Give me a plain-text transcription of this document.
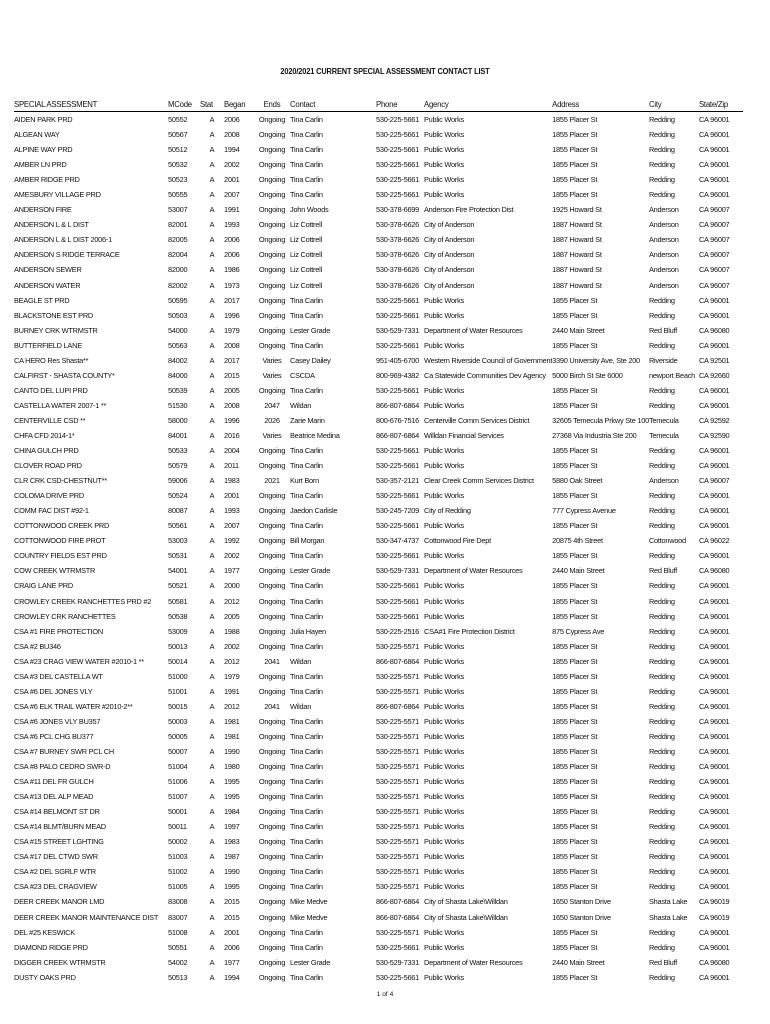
2020/2021 CURRENT SPECIAL ASSESSMENT CONTACT LIST
SPECIAL ASSESSMENT	MCode	Stat	Began	Ends	Contact	Phone	Agency	Address	City	State/Zip
AIDEN PARK PRD	50552	A	2006	Ongoing	Tina Carlin	530-225-5661	Public Works	1855 Placer St	Redding	CA 96001
ALGEAN WAY	50567	A	2008	Ongoing	Tina Carlin	530-225-5661	Public Works	1855 Placer St	Redding	CA 96001
ALPINE WAY PRD	50512	A	1994	Ongoing	Tina Carlin	530-225-5661	Public Works	1855 Placer St	Redding	CA 96001
AMBER LN PRD	50532	A	2002	Ongoing	Tina Carlin	530-225-5661	Public Works	1855 Placer St	Redding	CA 96001
AMBER RIDGE PRD	50523	A	2001	Ongoing	Tina Carlin	530-225-5661	Public Works	1855 Placer St	Redding	CA 96001
AMESBURY VILLAGE PRD	50555	A	2007	Ongoing	Tina Carlin	530-225-5661	Public Works	1855 Placer St	Redding	CA 96001
ANDERSON FIRE	53007	A	1991	Ongoing	John Woods	530-378-6699	Anderson Fire Protection Dist	1925 Howard St	Anderson	CA 96007
ANDERSON L & L DIST	82001	A	1993	Ongoing	Liz Cottrell	530-378-6626	City of Anderson	1887 Howard St	Anderson	CA 96007
ANDERSON L & L DIST 2006-1	82005	A	2006	Ongoing	Liz Cottrell	530-378-6626	City of Anderson	1887 Howard St	Anderson	CA 96007
ANDERSON S RIDGE TERRACE	82004	A	2006	Ongoing	Liz Cottrell	530-378-6626	City of Anderson	1887 Howard St	Anderson	CA 96007
ANDERSON SEWER	82000	A	1986	Ongoing	Liz Cottrell	530-378-6626	City of Anderson	1887 Howard St	Anderson	CA 96007
ANDERSON WATER	82002	A	1973	Ongoing	Liz Cottrell	530-378-6626	City of Anderson	1887 Howard St	Anderson	CA 96007
BEAGLE ST PRD	50595	A	2017	Ongoing	Tina Carlin	530-225-5661	Public Works	1855 Placer St	Redding	CA 96001
BLACKSTONE EST PRD	50503	A	1996	Ongoing	Tina Carlin	530-225-5661	Public Works	1855 Placer St	Redding	CA 96001
BURNEY CRK WTRMSTR	54000	A	1979	Ongoing	Lester Grade	530-529-7331	Department of Water Resources	2440 Main Street	Red Bluff	CA 96080
BUTTERFIELD LANE	50563	A	2008	Ongoing	Tina Carlin	530-225-5661	Public Works	1855 Placer St	Redding	CA 96001
CA HERO Res Shasta**	84002	A	2017	Varies	Casey Dailey	951-405-6700	Western Riverside Council of Government	3390 University Ave, Ste 200	Riverside	CA 92501
CALFIRST - SHASTA COUNTY*	84000	A	2015	Varies	CSCDA	800-969-4382	Ca Statewide Communities Dev Agency	5000 Birch St Ste 6000	newport Beach	CA 92660
CANTO DEL LUPI PRD	50539	A	2005	Ongoing	Tina Carlin	530-225-5661	Public Works	1855 Placer St	Redding	CA 96001
CASTELLA WATER 2007-1 **	51530	A	2008	2047	Wildan	866-807-6864	Public Works	1855 Placer St	Redding	CA 96001
CENTERVILLE CSD **	58000	A	1996	2026	Zarie Marin	800-676-7516	Centerville Comm Services District	32605 Temecula Prkwy Ste 100	Temecula	CA 92592
CHFA CFD 2014-1*	84001	A	2016	Varies	Beatrice Medina	866-807-6864	Willdan Financial Services	27368 Via Industria Ste 200	Temecula	CA 92590
CHINA GULCH PRD	50533	A	2004	Ongoing	Tina Carlin	530-225-5661	Public Works	1855 Placer St	Redding	CA 96001
CLOVER ROAD PRD	50579	A	2011	Ongoing	Tina Carlin	530-225-5661	Public Works	1855 Placer St	Redding	CA 96001
CLR CRK CSD-CHESTNUT**	59006	A	1983	2021	Kurt Born	530-357-2121	Clear Creek Comm Services District	5880 Oak Street	Anderson	CA 96007
COLOMA DRIVE PRD	50524	A	2001	Ongoing	Tina Carlin	530-225-5661	Public Works	1855 Placer St	Redding	CA 96001
COMM FAC DIST #92-1	80087	A	1993	Ongoing	Jaedon Carlisle	530-245-7209	City of Redding	777 Cypress Avenue	Redding	CA 96001
COTTONWOOD CREEK PRD	50561	A	2007	Ongoing	Tina Carlin	530-225-5661	Public Works	1855 Placer St	Redding	CA 96001
COTTONWOOD FIRE PROT	53003	A	1992	Ongoing	Bill Morgan	530-347-4737	Cottonwood Fire Dept	20875 4th Street	Cottonwood	CA 96022
COUNTRY FIELDS EST PRD	50531	A	2002	Ongoing	Tina Carlin	530-225-5661	Public Works	1855 Placer St	Redding	CA 96001
COW CREEK WTRMSTR	54001	A	1977	Ongoing	Lester Grade	530-529-7331	Department of Water Resources	2440 Main Street	Red Bluff	CA 96080
CRAIG LANE PRD	50521	A	2000	Ongoing	Tina Carlin	530-225-5661	Public Works	1855 Placer St	Redding	CA 96001
CROWLEY CREEK RANCHETTES PRD #2	50581	A	2012	Ongoing	Tina Carlin	530-225-5661	Public Works	1855 Placer St	Redding	CA 96001
CROWLEY CRK RANCHETTES	50538	A	2005	Ongoing	Tina Carlin	530-225-5661	Public Works	1855 Placer St	Redding	CA 96001
CSA #1 FIRE PROTECTION	53009	A	1988	Ongoing	Julia Hayen	530-225-2516	CSA#1 Fire Protection District	875 Cypress Ave	Redding	CA 96001
CSA #2 BU346	50013	A	2002	Ongoing	Tina Carlin	530-225-5571	Public Works	1855 Placer St	Redding	CA 96001
CSA #23 CRAG VIEW WATER #2010-1 **	50014	A	2012	2041	Wildan	866-807-6864	Public Works	1855 Placer St	Redding	CA 96001
CSA #3 DEL CASTELLA WT	51000	A	1979	Ongoing	Tina Carlin	530-225-5571	Public Works	1855 Placer St	Redding	CA 96001
CSA #6 DEL JONES VLY	51001	A	1991	Ongoing	Tina Carlin	530-225-5571	Public Works	1855 Placer St	Redding	CA 96001
CSA #6 ELK TRAIL WATER #2010-2**	50015	A	2012	2041	Wildan	866-807-6864	Public Works	1855 Placer St	Redding	CA 96001
CSA #6 JONES VLY BU357	50003	A	1981	Ongoing	Tina Carlin	530-225-5571	Public Works	1855 Placer St	Redding	CA 96001
CSA #6 PCL CHG BU377	50005	A	1981	Ongoing	Tina Carlin	530-225-5571	Public Works	1855 Placer St	Redding	CA 96001
CSA #7 BURNEY SWR PCL CH	50007	A	1990	Ongoing	Tina Carlin	530-225-5571	Public Works	1855 Placer St	Redding	CA 96001
CSA #8 PALO CEDRO SWR-D	51004	A	1980	Ongoing	Tina Carlin	530-225-5571	Public Works	1855 Placer St	Redding	CA 96001
CSA #11 DEL FR GULCH	51006	A	1995	Ongoing	Tina Carlin	530-225-5571	Public Works	1855 Placer St	Redding	CA 96001
CSA #13 DEL ALP MEAD	51007	A	1995	Ongoing	Tina Carlin	530-225-5571	Public Works	1855 Placer St	Redding	CA 96001
CSA #14 BELMONT ST DR	50001	A	1984	Ongoing	Tina Carlin	530-225-5571	Public Works	1855 Placer St	Redding	CA 96001
CSA #14 BLMT/BURN MEAD	50011	A	1997	Ongoing	Tina Carlin	530-225-5571	Public Works	1855 Placer St	Redding	CA 96001
CSA #15 STREET LGHTING	50002	A	1983	Ongoing	Tina Carlin	530-225-5571	Public Works	1855 Placer St	Redding	CA 96001
CSA #17 DEL CTWD SWR	51003	A	1987	Ongoing	Tina Carlin	530-225-5571	Public Works	1855 Placer St	Redding	CA 96001
CSA #2 DEL SGRLF WTR	51002	A	1990	Ongoing	Tina Carlin	530-225-5571	Public Works	1855 Placer St	Redding	CA 96001
CSA #23 DEL CRAGVIEW	51005	A	1995	Ongoing	Tina Carlin	530-225-5571	Public Works	1855 Placer St	Redding	CA 96001
DEER CREEK MANOR LMD	83008	A	2015	Ongoing	Mike Medve	866-807-6864	City of Shasta Lake\Willdan	1650 Stanton Drive	Shasta Lake	CA 96019
DEER CREEK MANOR MAINTENANCE DIST	83007	A	2015	Ongoing	Mike Medve	866-807-6864	City of Shasta Lake\Willdan	1650 Stanton Drive	Shasta Lake	CA 96019
DEL #25 KESWICK	51008	A	2001	Ongoing	Tina Carlin	530-225-5571	Public Works	1855 Placer St	Redding	CA 96001
DIAMOND RIDGE PRD	50551	A	2006	Ongoing	Tina Carlin	530-225-5661	Public Works	1855 Placer St	Redding	CA 96001
DIGGER CREEK WTRMSTR	54002	A	1977	Ongoing	Lester Grade	530-529-7331	Department of Water Resources	2440 Main Street	Red Bluff	CA 96080
DUSTY OAKS PRD	50513	A	1994	Ongoing	Tina Carlin	530-225-5661	Public Works	1855 Placer St	Redding	CA 96001
1 of 4
